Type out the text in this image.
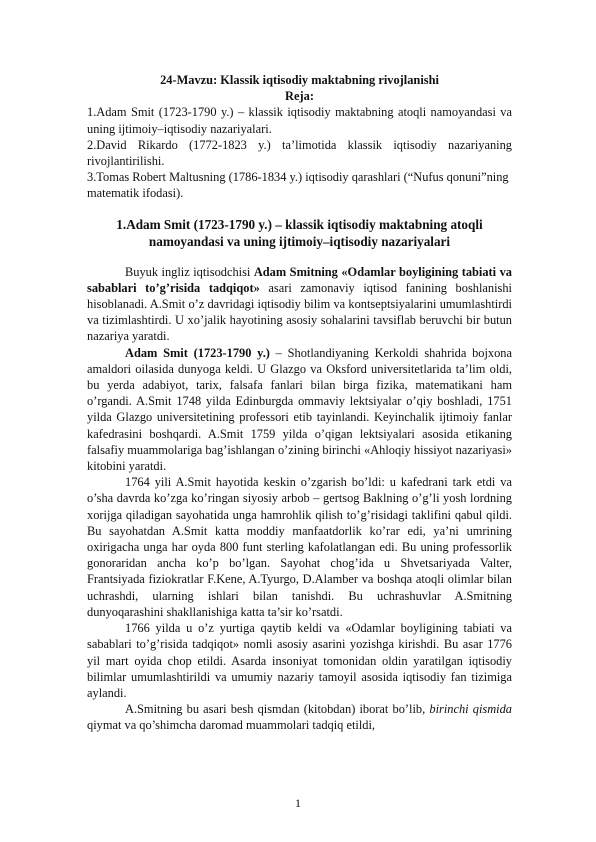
24-Mavzu: Klassik iqtisodiy maktabning rivojlanishi

Reja:

1.Adam Smit (1723-1790 y.) – klassik iqtisodiy maktabning atoqli namoyandasi va uning ijtimoiy–iqtisodiy nazariyalari.

2.David Rikardo (1772-1823 y.) ta’limotida klassik iqtisodiy nazariyaning rivojlantirilishi.

3.Tomas Robert Maltusning (1786-1834 y.) iqtisodiy qarashlari (“Nufus qonuni”ning matematik ifodasi).

1.Adam Smit (1723-1790 y.) – klassik iqtisodiy maktabning atoqli namoyandasi va uning ijtimoiy–iqtisodiy nazariyalari

Buyuk ingliz iqtisodchisi Adam Smitning «Odamlar boyligining tabiati va sabablari to’g’risida tadqiqot» asari zamonaviy iqtisod fanining boshlanishi hisoblanadi. A.Smit o’z davridagi iqtisodiy bilim va kontseptsiyalarini umumlashtirdi va tizimlashtirdi. U xo’jalik hayotining asosiy sohalarini tavsiflab beruvchi bir butun nazariya yaratdi.

Adam Smit (1723-1790 y.) – Shotlandiyaning Kerkoldi shahrida bojxona amaldori oilasida dunyoga keldi. U Glazgo va Oksford universitetlarida ta’lim oldi, bu yerda adabiyot, tarix, falsafa fanlari bilan birga fizika, matematikani ham o’rgandi. A.Smit 1748 yilda Edinburgda ommaviy lektsiyalar o’qiy boshladi, 1751 yilda Glazgo universitetining professori etib tayinlandi. Keyinchalik ijtimoiy fanlar kafedrasini boshqardi. A.Smit 1759 yilda o’qigan lektsiyalari asosida etikaning falsafiy muammolariga bag’ishlangan o’zining birinchi «Ahloqiy hissiyot nazariyasi» kitobini yaratdi.

1764 yili A.Smit hayotida keskin o’zgarish bo’ldi: u kafedrani tark etdi va o’sha davrda ko’zga ko’ringan siyosiy arbob – gertsog Baklning o’g’li yosh lordning xorijga qiladigan sayohatida unga hamrohlik qilish to’g’risidagi taklifini qabul qildi. Bu sayohatdan A.Smit katta moddiy manfaatdorlik ko’rar edi, ya’ni umrining oxirigacha unga har oyda 800 funt sterling kafolatlangan edi. Bu uning professorlik gonoraridan ancha ko’p bo’lgan. Sayohat chog’ida u Shvetsariyada Valter, Frantsiyada fiziokratlar F.Kene, A.Tyurgo, D.Alamber va boshqa atoqli olimlar bilan uchrashdi, ularning ishlari bilan tanishdi. Bu uchrashuvlar A.Smitning dunyoqarashini shakllanishiga katta ta’sir ko’rsatdi.

1766 yilda u o’z yurtiga qaytib keldi va «Odamlar boyligining tabiati va sabablari to’g’risida tadqiqot» nomli asosiy asarini yozishga kirishdi. Bu asar 1776 yil mart oyida chop etildi. Asarda insoniyat tomonidan oldin yaratilgan iqtisodiy bilimlar umumlashtirildi va umumiy nazariy tamoyil asosida iqtisodiy fan tizimiga aylandi.

A.Smitning bu asari besh qismdan (kitobdan) iborat bo’lib, birinchi qismida qiymat va qo’shimcha daromad muammolari tadqiq etildi,

1
